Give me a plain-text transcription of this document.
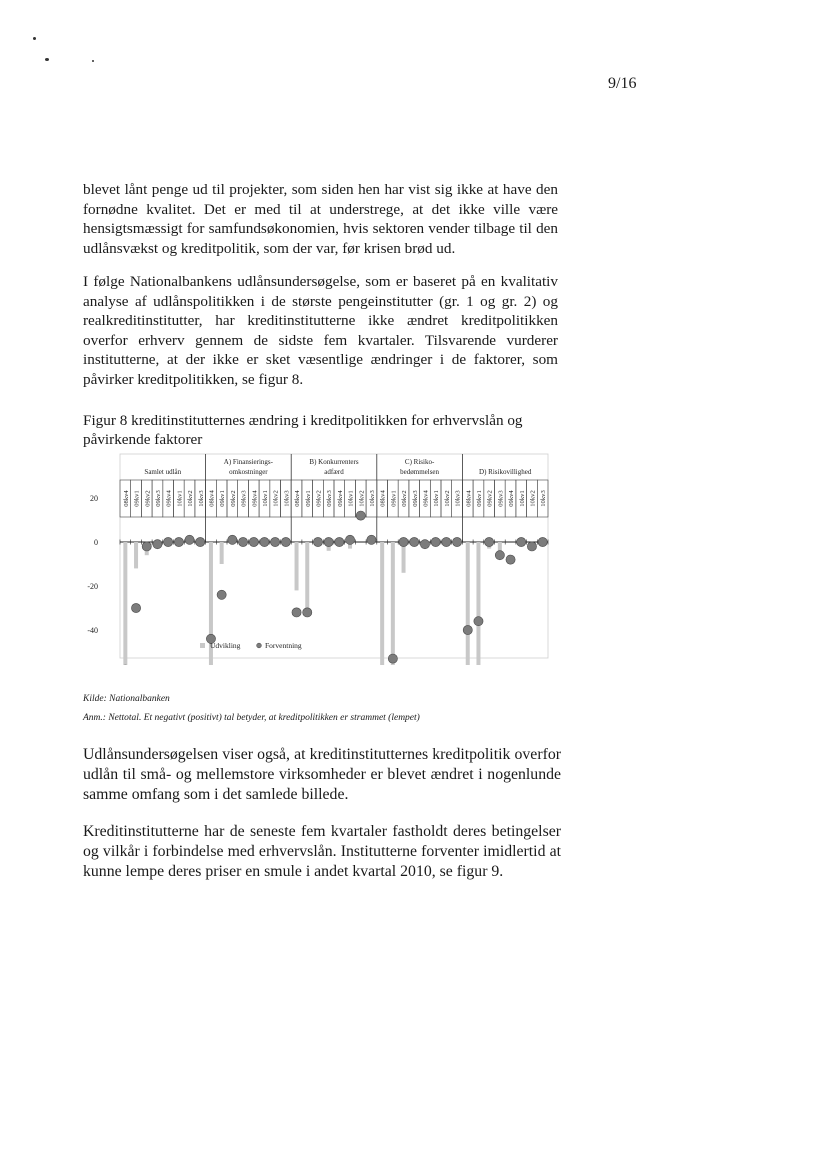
9/16

blevet lånt penge ud til projekter, som siden hen har vist sig ikke at have den fornødne kvalitet. Det er med til at understrege, at det ikke ville være hensigtsmæssigt for samfundsøkonomien, hvis sektoren vender tilbage til den udlånsvækst og kreditpolitik, som der var, før krisen brød ud.

I følge Nationalbankens udlånsundersøgelse, som er baseret på en kvalitativ analyse af udlånspolitikken i de største pengeinstitutter (gr. 1 og gr. 2) og realkreditinstitutter, har kreditinstitutterne ikke ændret kreditpolitikken overfor erhverv gennem de sidste fem kvartaler. Tilsvarende vurderer institutterne, at der ikke er sket væsentlige ændringer i de faktorer, som påvirker kreditpolitikken, se figur 8.

Figur 8 kreditinstitutternes ændring i kreditpolitikken for erhvervslån og påvirkende faktorer

20
0
-20
-40
Samlet udlån
08kv4 09kv1 09kv2 09kv3 09kv4 10kv1 10kv2 10kv3
A) Finansierings-
omkostninger
08kv4 09kv1 09kv2 09kv3 09kv4 10kv1 10kv2 10kv3
B) Konkurrenters
adfærd
08kv4 09kv1 09kv2 09kv3 09kv4 10kv1 10kv2 10kv3
C) Risiko-
bedømmelsen
08kv4 09kv1 09kv2 09kv3 09kv4 10kv1 10kv2 10kv3
D) Risikovillighed
08kv4 09kv1 09kv2 09kv3 09kv4 10kv1 10kv2 10kv3
Udvikling	Forventning
Kilde: Nationalbanken
Anm.: Nettotal. Et negativt (positivt) tal betyder, at kreditpolitikken er strammet (lempet)

Udlånsundersøgelsen viser også, at kreditinstitutternes kreditpolitik overfor udlån til små- og mellemstore virksomheder er blevet ændret i nogenlunde samme omfang som i det samlede billede.

Kreditinstitutterne har de seneste fem kvartaler fastholdt deres betingelser og vilkår i forbindelse med erhvervslån. Institutterne forventer imidlertid at kunne lempe deres priser en smule i andet kvartal 2010, se figur 9.
